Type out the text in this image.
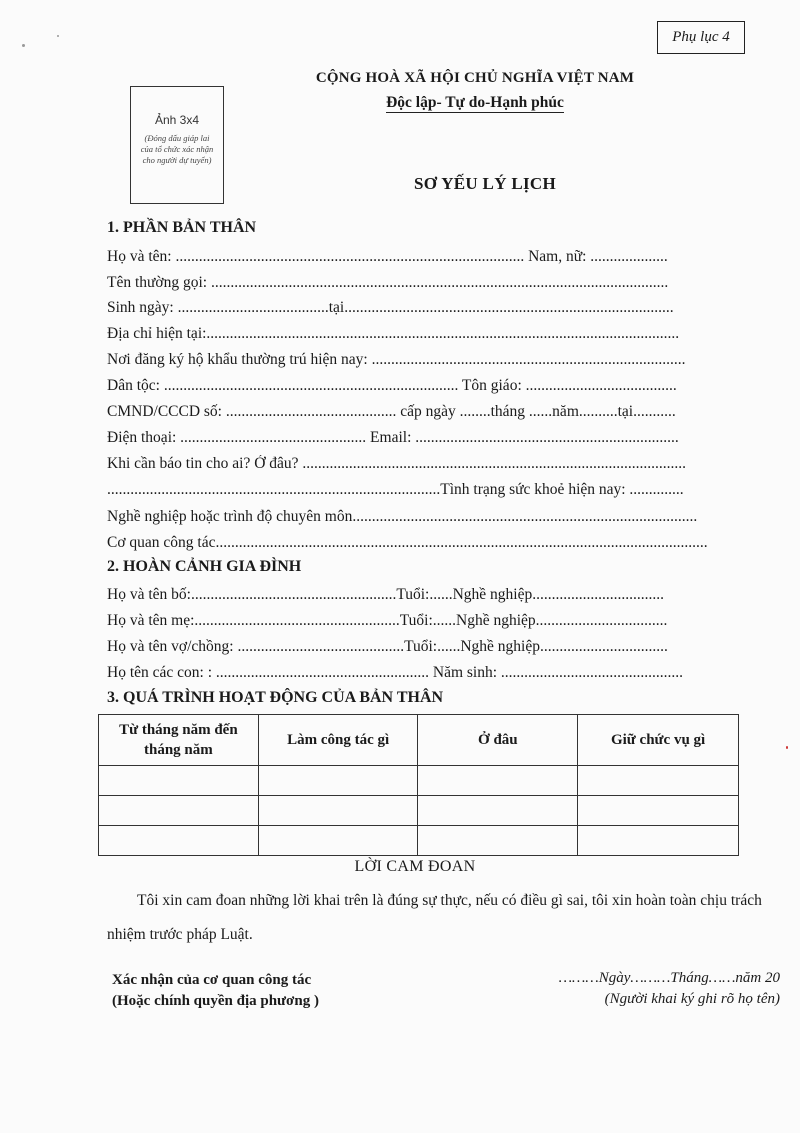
Phụ lục 4
Ảnh 3x4
(Đóng dấu giáp lai của tổ chức xác nhận cho người dự tuyển)
CỘNG HOÀ XÃ HỘI CHỦ NGHĨA VIỆT NAM
Độc lập- Tự do-Hạnh phúc
SƠ YẾU LÝ LỊCH
1. PHẦN BẢN THÂN
Họ và tên: .......................................................................................... Nam, nữ: ....................
Tên thường gọi: ......................................................................................................................
Sinh ngày: .......................................tại.....................................................................................
Địa chỉ hiện tại:..........................................................................................................................
Nơi đăng ký hộ khẩu thường trú hiện nay: .................................................................................
Dân tộc: ............................................................................ Tôn giáo: .......................................
CMND/CCCD số: ............................................ cấp ngày ........tháng ......năm..........tại...........
Điện thoại: ................................................ Email: ....................................................................
Khi cần báo tin cho ai? Ở đâu? ...................................................................................................
......................................................................................Tình trạng sức khoẻ hiện nay: ..............
Nghề nghiệp hoặc trình độ chuyên môn.........................................................................................
Cơ quan công tác...............................................................................................................................
2. HOÀN CẢNH GIA ĐÌNH
Họ và tên bố:.....................................................Tuổi:......Nghề nghiệp..................................
Họ và tên mẹ:.....................................................Tuổi:......Nghề nghiệp..................................
Họ và tên vợ/chồng: ...........................................Tuổi:......Nghề nghiệp.................................
Họ tên các con: : ....................................................... Năm sinh: ...............................................
3. QUÁ TRÌNH HOẠT ĐỘNG CỦA BẢN THÂN
Từ tháng năm đến tháng năm	Làm công tác gì	Ở đâu	Giữ chức vụ gì

LỜI CAM ĐOAN
Tôi xin cam đoan những lời khai trên là đúng sự thực, nếu có điều gì sai, tôi xin hoàn toàn chịu trách nhiệm trước pháp Luật.
Xác nhận của cơ quan công tác
(Hoặc chính quyền địa phương )
………Ngày………Tháng……năm 20
(Người khai ký ghi rõ họ tên)
